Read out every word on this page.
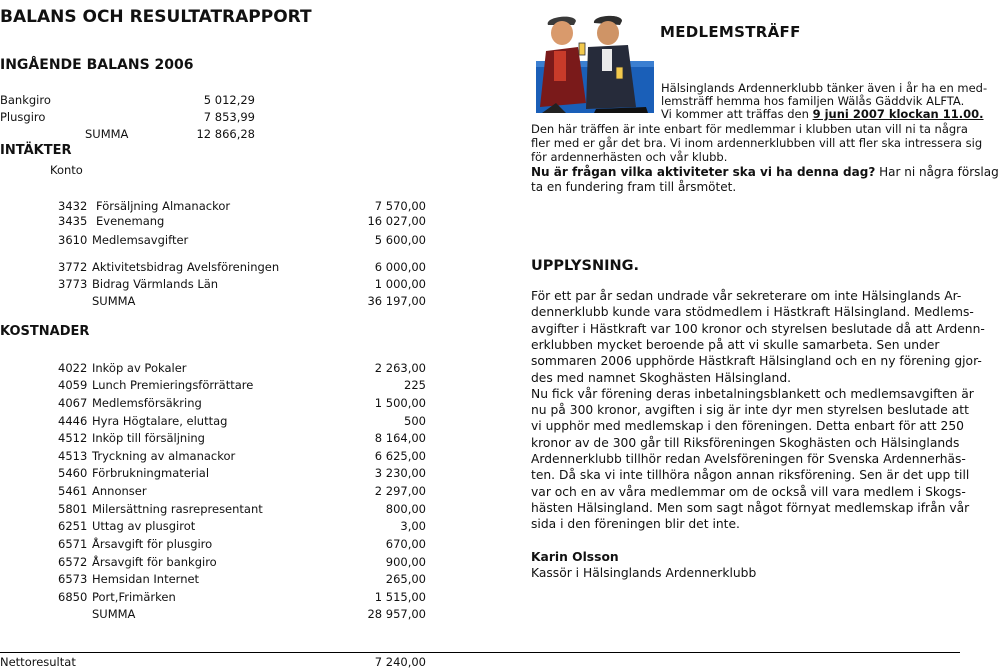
BALANS OCH RESULTATRAPPORT
INGÅENDE BALANS 2006
Bankgiro	5 012,29
Plusgiro	7 853,99
SUMMA	12 866,28
INTÄKTER
Konto
3432 Försäljning Almanackor	7 570,00
3435 Evenemang	16 027,00
3610 Medlemsavgifter	5 600,00
3772 Aktivitetsbidrag Avelsföreningen	6 000,00
3773 Bidrag Värmlands Län	1 000,00
SUMMA	36 197,00
KOSTNADER
4022 Inköp av Pokaler	2 263,00
4059 Lunch Premieringsförrättare	225
4067 Medlemsförsäkring	1 500,00
4446 Hyra Högtalare, eluttag	500
4512 Inköp till försäljning	8 164,00
4513 Tryckning av almanackor	6 625,00
5460 Förbrukningmaterial	3 230,00
5461 Annonser	2 297,00
5801 Milersättning rasrepresentant	800,00
6251 Uttag av plusgirot	3,00
6571 Årsavgift för plusgiro	670,00
6572 Årsavgift för bankgiro	900,00
6573 Hemsidan Internet	265,00
6850 Port,Frimärken	1 515,00
SUMMA	28 957,00
Nettoresultat	7 240,00
MEDLEMSTRÄFF
Hälsinglands Ardennerklubb tänker även i år ha en med-
lemsträff hemma hos familjen Wälås Gäddvik ALFTA.
Vi kommer att träffas den 9 juni 2007 klockan 11.00.
Den här träffen är inte enbart för medlemmar i klubben utan vill ni ta några
fler med er går det bra. Vi inom ardennerklubben vill att fler ska intressera sig
för ardennerhästen och vår klubb.
Nu är frågan vilka aktiviteter ska vi ha denna dag? Har ni några förslag
ta en fundering fram till årsmötet.
UPPLYSNING.
För ett par år sedan undrade vår sekreterare om inte Hälsinglands Ar-
dennerklubb kunde vara stödmedlem i Hästkraft Hälsingland. Medlems-
avgifter i Hästkraft var 100 kronor och styrelsen beslutade då att Ardenn-
erklubben mycket beroende på att vi skulle samarbeta. Sen under
sommaren 2006 upphörde Hästkraft Hälsingland och en ny förening gjor-
des med namnet Skoghästen Hälsingland.
Nu fick vår förening deras inbetalningsblankett och medlemsavgiften är
nu på 300 kronor, avgiften i sig är inte dyr men styrelsen beslutade att
vi upphör med medlemskap i den föreningen. Detta enbart för att 250
kronor av de 300 går till Riksföreningen Skoghästen och Hälsinglands
Ardennerklubb tillhör redan Avelsföreningen för Svenska Ardennerhäs-
ten. Då ska vi inte tillhöra någon annan riksförening. Sen är det upp till
var och en av våra medlemmar om de också vill vara medlem i Skogs-
hästen Hälsingland. Men som sagt något förnyat medlemskap ifrån vår
sida i den föreningen blir det inte.
Karin Olsson
Kassör i Hälsinglands Ardennerklubb
